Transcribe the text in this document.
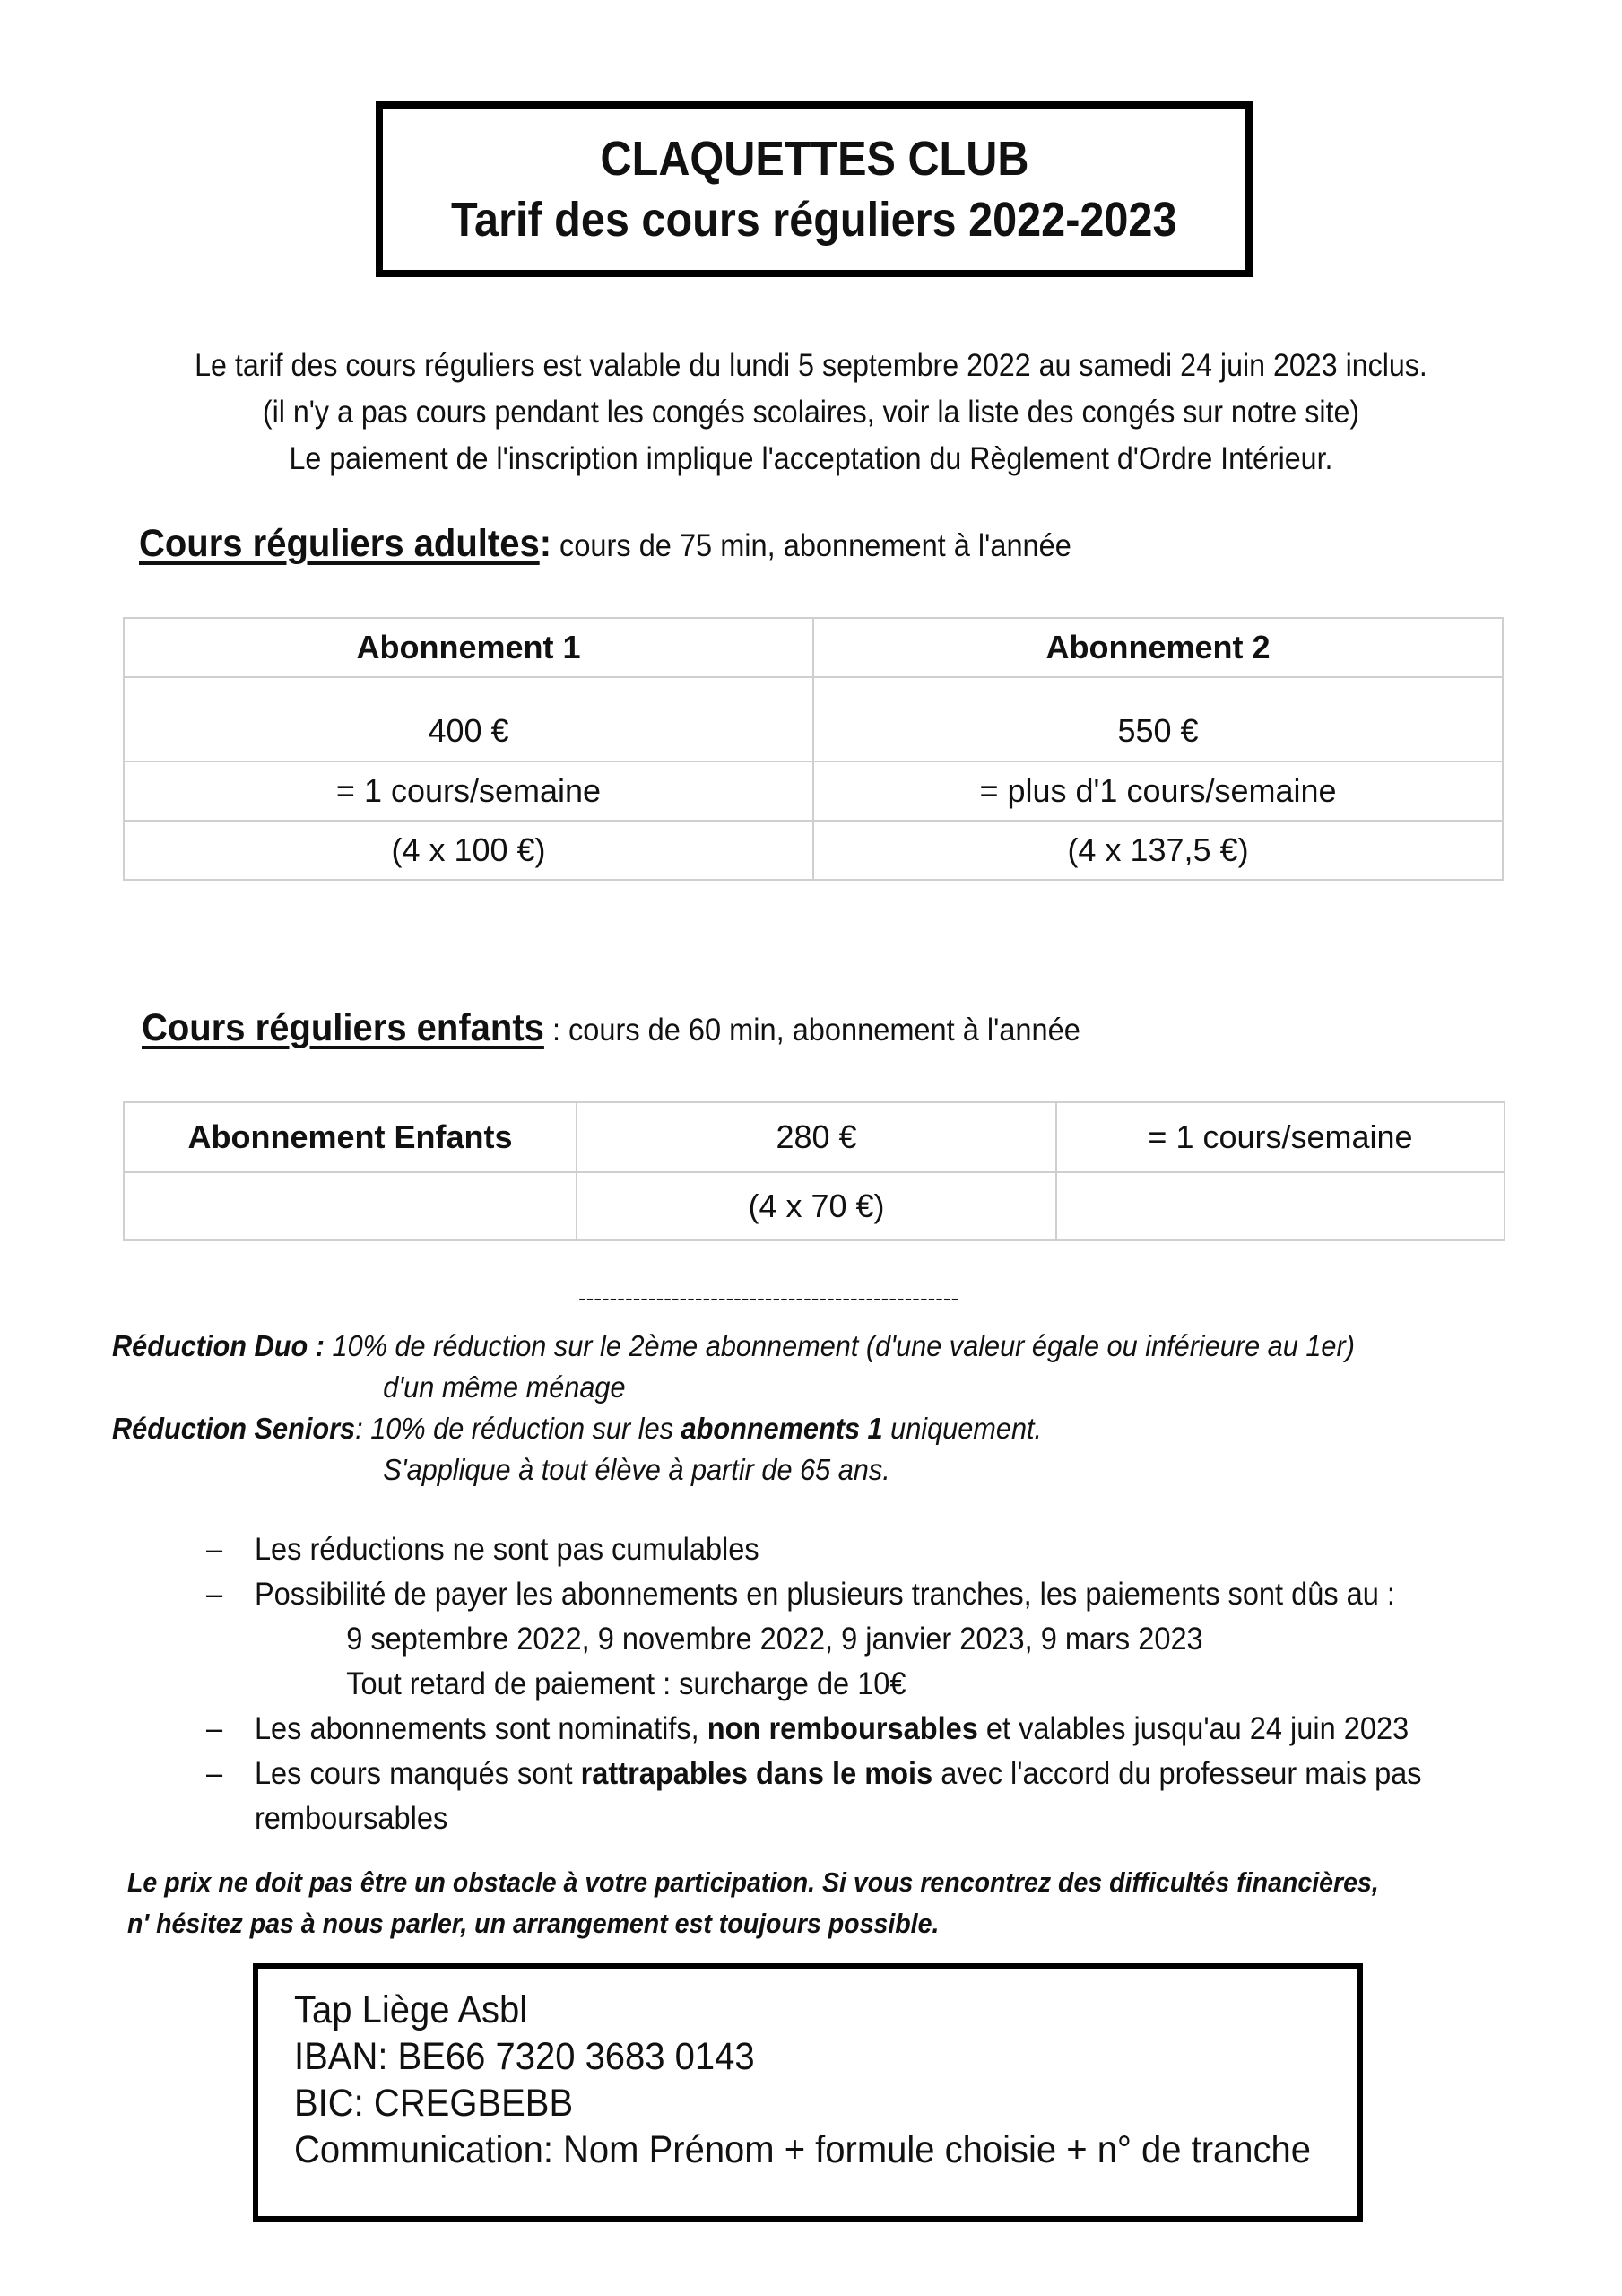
CLAQUETTES CLUB
Tarif des cours réguliers 2022-2023
Le tarif des cours réguliers est valable du lundi 5 septembre 2022 au samedi 24 juin 2023 inclus.
(il n'y a pas cours pendant les congés scolaires, voir la liste des congés sur notre site)
Le paiement de l'inscription implique l'acceptation du Règlement d'Ordre Intérieur.
Cours réguliers adultes: cours de 75 min, abonnement à l'année
Abonnement 1	Abonnement 2
400 €	550 €
= 1 cours/semaine	= plus d'1 cours/semaine
(4 x 100 €)	(4 x 137,5 €)
Cours réguliers enfants : cours de 60 min, abonnement à l'année
Abonnement Enfants	280 €	= 1 cours/semaine
	(4 x 70 €)	
-------------------------------------------------
Réduction Duo : 10% de réduction sur le 2ème abonnement (d'une valeur égale ou inférieure au 1er)
d'un même ménage
Réduction Seniors: 10% de réduction sur les abonnements 1 uniquement.
S'applique à tout élève à partir de 65 ans.
– Les réductions ne sont pas cumulables
– Possibilité de payer les abonnements en plusieurs tranches, les paiements sont dûs au :
9 septembre 2022, 9 novembre 2022, 9 janvier 2023, 9 mars 2023
Tout retard de paiement : surcharge de 10€
– Les abonnements sont nominatifs, non remboursables et valables jusqu'au 24 juin 2023
– Les cours manqués sont rattrapables dans le mois avec l'accord du professeur mais pas
remboursables
Le prix ne doit pas être un obstacle à votre participation. Si vous rencontrez des difficultés financières,
n' hésitez pas à nous parler, un arrangement est toujours possible.
Tap Liège Asbl
IBAN: BE66 7320 3683 0143
BIC: CREGBEBB
Communication: Nom Prénom + formule choisie + n° de tranche
